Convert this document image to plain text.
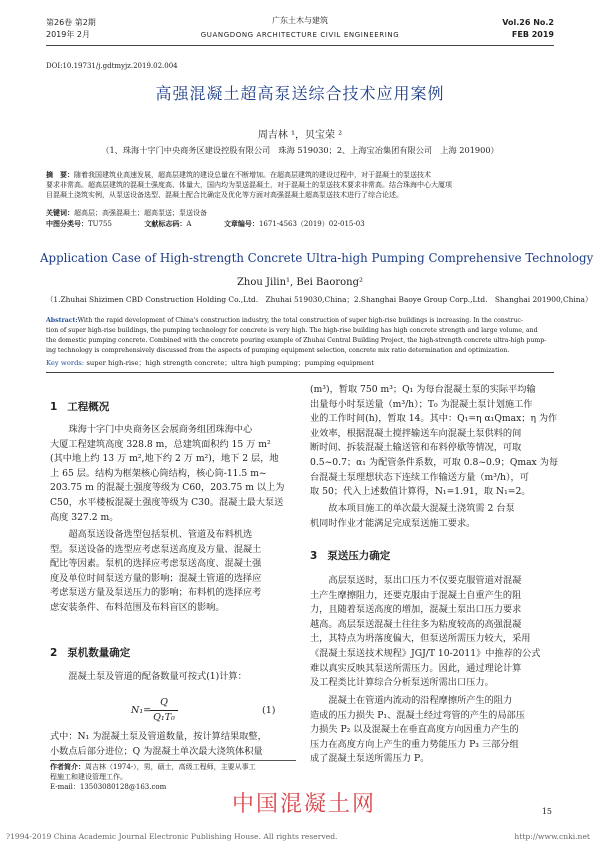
第26卷 第2期
2019年 2月
广东土木与建筑
GUANGDONG ARCHITECTURE CIVIL ENGINEERING
Vol.26 No.2
FEB 2019
DOI:10.19731/j.gdtmyjz.2019.02.004
高强混凝土超高泵送综合技术应用案例
周吉林 ¹，贝宝荣 ²
（1、珠海十字门中央商务区建设控股有限公司　珠海 519030；2、上海宝冶集团有限公司　上海 201900）
摘　要：随着我国建筑业高速发展，超高层建筑的建设总量在不断增加。在超高层建筑的建设过程中，对于混凝土的泵送技术
要求非常高。超高层建筑的混凝土强度高、体量大，国内均为泵送混凝土，对于混凝土的泵送技术要求非常高。结合珠海中心大厦项
目混凝土浇筑实例，从泵送设备选型、混凝土配合比确定及优化等方面对高强混凝土超高泵送技术进行了综合论述。
关键词：超高层；高强混凝土；超高泵送；泵送设备
中图分类号：TU755	文献标志码：A	文章编号：1671-4563（2019）02-015-03
Application Case of High-strength Concrete Ultra-high Pumping Comprehensive Technology
Zhou Jilin¹, Bei Baorong²
（1.Zhuhai Shizimen CBD Construction Holding Co.,Ltd.　Zhuhai 519030,China；2.Shanghai Baoye Group Corp.,Ltd.　Shanghai 201900,China）
Abstract:With the rapid development of China's construction industry, the total construction of super high-rise buildings is increasing. In the construc-
tion of super high-rise buildings, the pumping technology for concrete is very high. The high-rise building has high concrete strength and large volume, and
the domestic pumping concrete. Combined with the concrete pouring example of Zhuhai Central Building Project, the high-strength concrete ultra-high pump-
ing technology is comprehensively discussed from the aspects of pumping equipment selection, concrete mix ratio determination and optimization.
Key words: super high-rise；high strength concrete；ultra high pumping；pumping equipment
1 工程概况
珠海十字门中央商务区会展商务组团珠海中心
大厦工程建筑高度 328.8 m，总建筑面积约 15 万 m²
(其中地上约 13 万 m²,地下约 2 万 m²)，地下 2 层，地
上 65 层。结构为框架核心筒结构，核心筒-11.5 m~
203.75 m 的混凝土强度等级为 C60，203.75 m 以上为
C50，水平楼板混凝土强度等级为 C30。混凝土最大泵送
高度 327.2 m。
超高泵送设备选型包括泵机、管道及布料机选
型。泵送设备的选型应考虑泵送高度及方量、混凝土
配比等因素。泵机的选择应考虑泵送高度、混凝土强
度及单位时间泵送方量的影响；混凝土管道的选择应
考虑泵送方量及泵送压力的影响；布料机的选择应考
虑安装条件、布料范围及布料盲区的影响。
2 泵机数量确定
混凝土泵及管道的配备数量可按式(1)计算：
N₁=
Q
Q₁T₀
(1)
式中：N₁ 为混凝土泵及管道数量，按计算结果取整，
小数点后部分进位；Q 为混凝土单次最大浇筑体积量
作者简介：周吉林（1974-），男，硕士，高级工程师，主要从事工
程施工和建设管理工作。
E-mail：13503080128@163.com
(m³)，暂取 750 m³；Q₁ 为每台混凝土泵的实际平均输
出量每小时泵送量（m³/h）；T₀ 为混凝土泵计划施工作
业的工作时间(h)，暂取 14。其中：Q₁=η α₁Qmax；η 为作
业效率，根据混凝土搅拌输送车向混凝土泵供料的间
断时间、拆装混凝土输送管和布料停歇等情况，可取
0.5~0.7；α₁ 为配管条件系数，可取 0.8~0.9；Qmax 为每
台混凝土泵理想状态下连续工作输送方量（m³/h），可
取 50；代入上述数值计算得，N₁=1.91，取 N₁=2。
故本项目施工的单次最大混凝土浇筑需 2 台泵
机同时作业才能满足完成泵送施工要求。
3 泵送压力确定
高层泵送时，泵出口压力不仅要克服管道对混凝
土产生摩擦阻力，还要克服由于混凝土自重产生的阻
力，且随着泵送高度的增加，混凝土泵出口压力要求
越高。高层泵送混凝土往往多为粘度较高的高强混凝
土，其特点为坍落度偏大，但泵送所需压力较大，采用
《混凝土泵送技术规程》JGJ/T 10-2011》中推荐的公式
难以真实反映其泵送所需压力。因此，通过理论计算
及工程类比计算综合分析泵送所需出口压力。
混凝土在管道内流动的沿程摩擦所产生的阻力
造成的压力损失 P₁、混凝土经过弯管的产生的局部压
力损失 P₂ 以及混凝土在垂直高度方向因重力产生的
压力在高度方向上产生的重力势能压力 P₃ 三部分组
成了混凝土泵送所需压力 P。
中国混凝土网	15
?1994-2019 China Academic Journal Electronic Publishing House. All rights reserved.	http://www.cnki.net
